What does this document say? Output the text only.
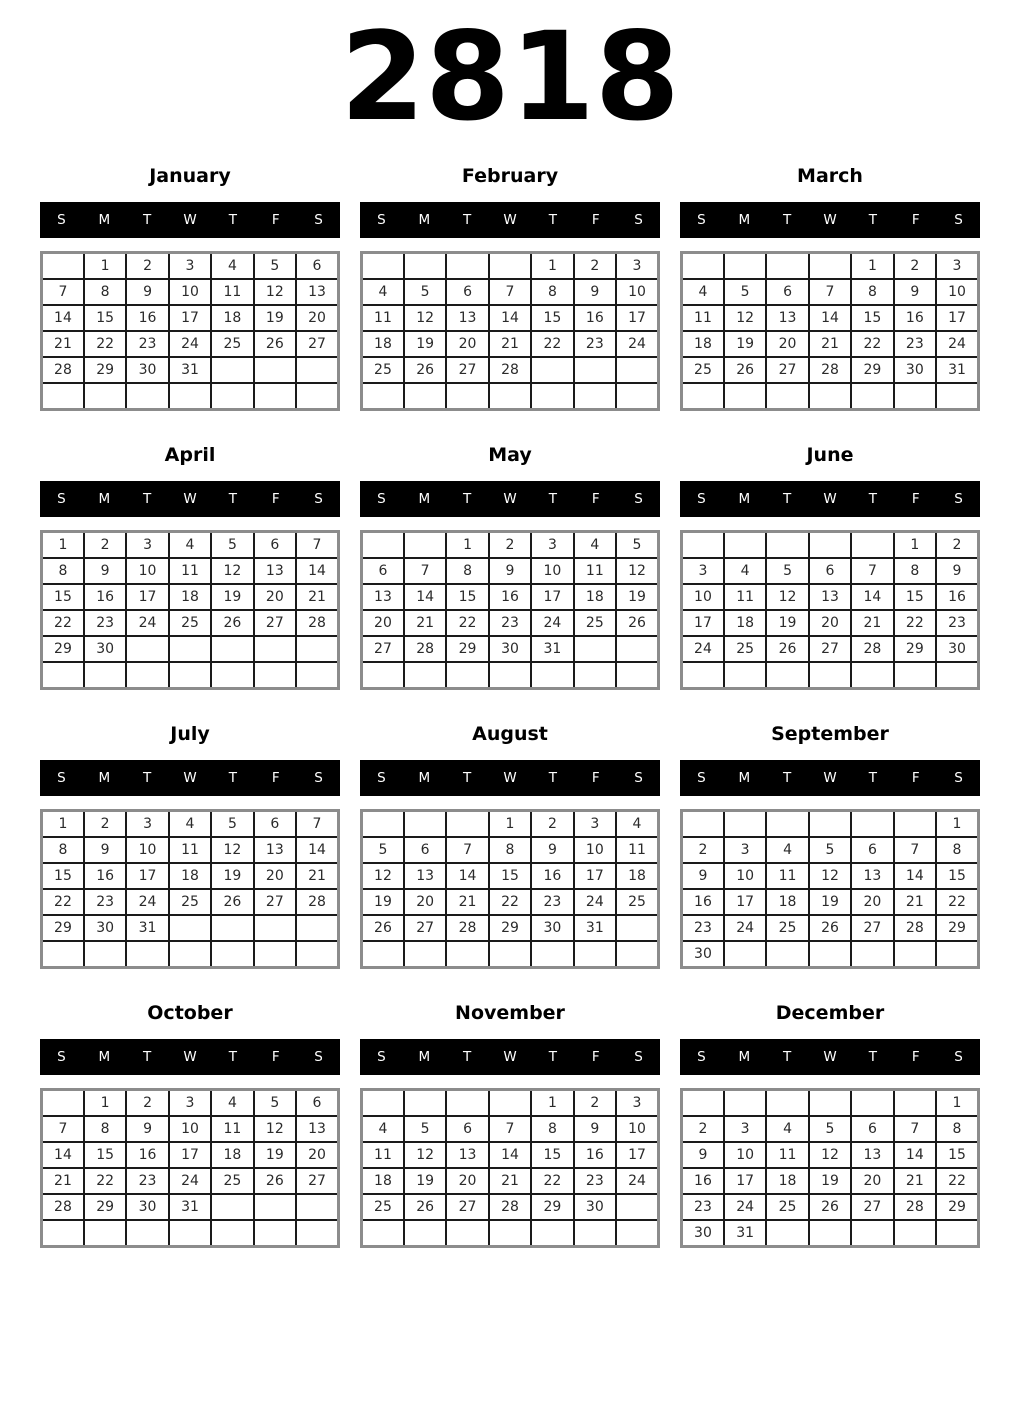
2818
January
S	M	T	W	T	F	S
	1	2	3	4	5	6
7	8	9	10	11	12	13
14	15	16	17	18	19	20
21	22	23	24	25	26	27
28	29	30	31			

February
S	M	T	W	T	F	S
				1	2	3
4	5	6	7	8	9	10
11	12	13	14	15	16	17
18	19	20	21	22	23	24
25	26	27	28			

March
S	M	T	W	T	F	S
				1	2	3
4	5	6	7	8	9	10
11	12	13	14	15	16	17
18	19	20	21	22	23	24
25	26	27	28	29	30	31

April
S	M	T	W	T	F	S
1	2	3	4	5	6	7
8	9	10	11	12	13	14
15	16	17	18	19	20	21
22	23	24	25	26	27	28
29	30					

May
S	M	T	W	T	F	S
		1	2	3	4	5
6	7	8	9	10	11	12
13	14	15	16	17	18	19
20	21	22	23	24	25	26
27	28	29	30	31		

June
S	M	T	W	T	F	S
					1	2
3	4	5	6	7	8	9
10	11	12	13	14	15	16
17	18	19	20	21	22	23
24	25	26	27	28	29	30

July
S	M	T	W	T	F	S
1	2	3	4	5	6	7
8	9	10	11	12	13	14
15	16	17	18	19	20	21
22	23	24	25	26	27	28
29	30	31				

August
S	M	T	W	T	F	S
			1	2	3	4
5	6	7	8	9	10	11
12	13	14	15	16	17	18
19	20	21	22	23	24	25
26	27	28	29	30	31	

September
S	M	T	W	T	F	S
						1
2	3	4	5	6	7	8
9	10	11	12	13	14	15
16	17	18	19	20	21	22
23	24	25	26	27	28	29
30						
October
S	M	T	W	T	F	S
	1	2	3	4	5	6
7	8	9	10	11	12	13
14	15	16	17	18	19	20
21	22	23	24	25	26	27
28	29	30	31			

November
S	M	T	W	T	F	S
				1	2	3
4	5	6	7	8	9	10
11	12	13	14	15	16	17
18	19	20	21	22	23	24
25	26	27	28	29	30	

December
S	M	T	W	T	F	S
						1
2	3	4	5	6	7	8
9	10	11	12	13	14	15
16	17	18	19	20	21	22
23	24	25	26	27	28	29
30	31					
